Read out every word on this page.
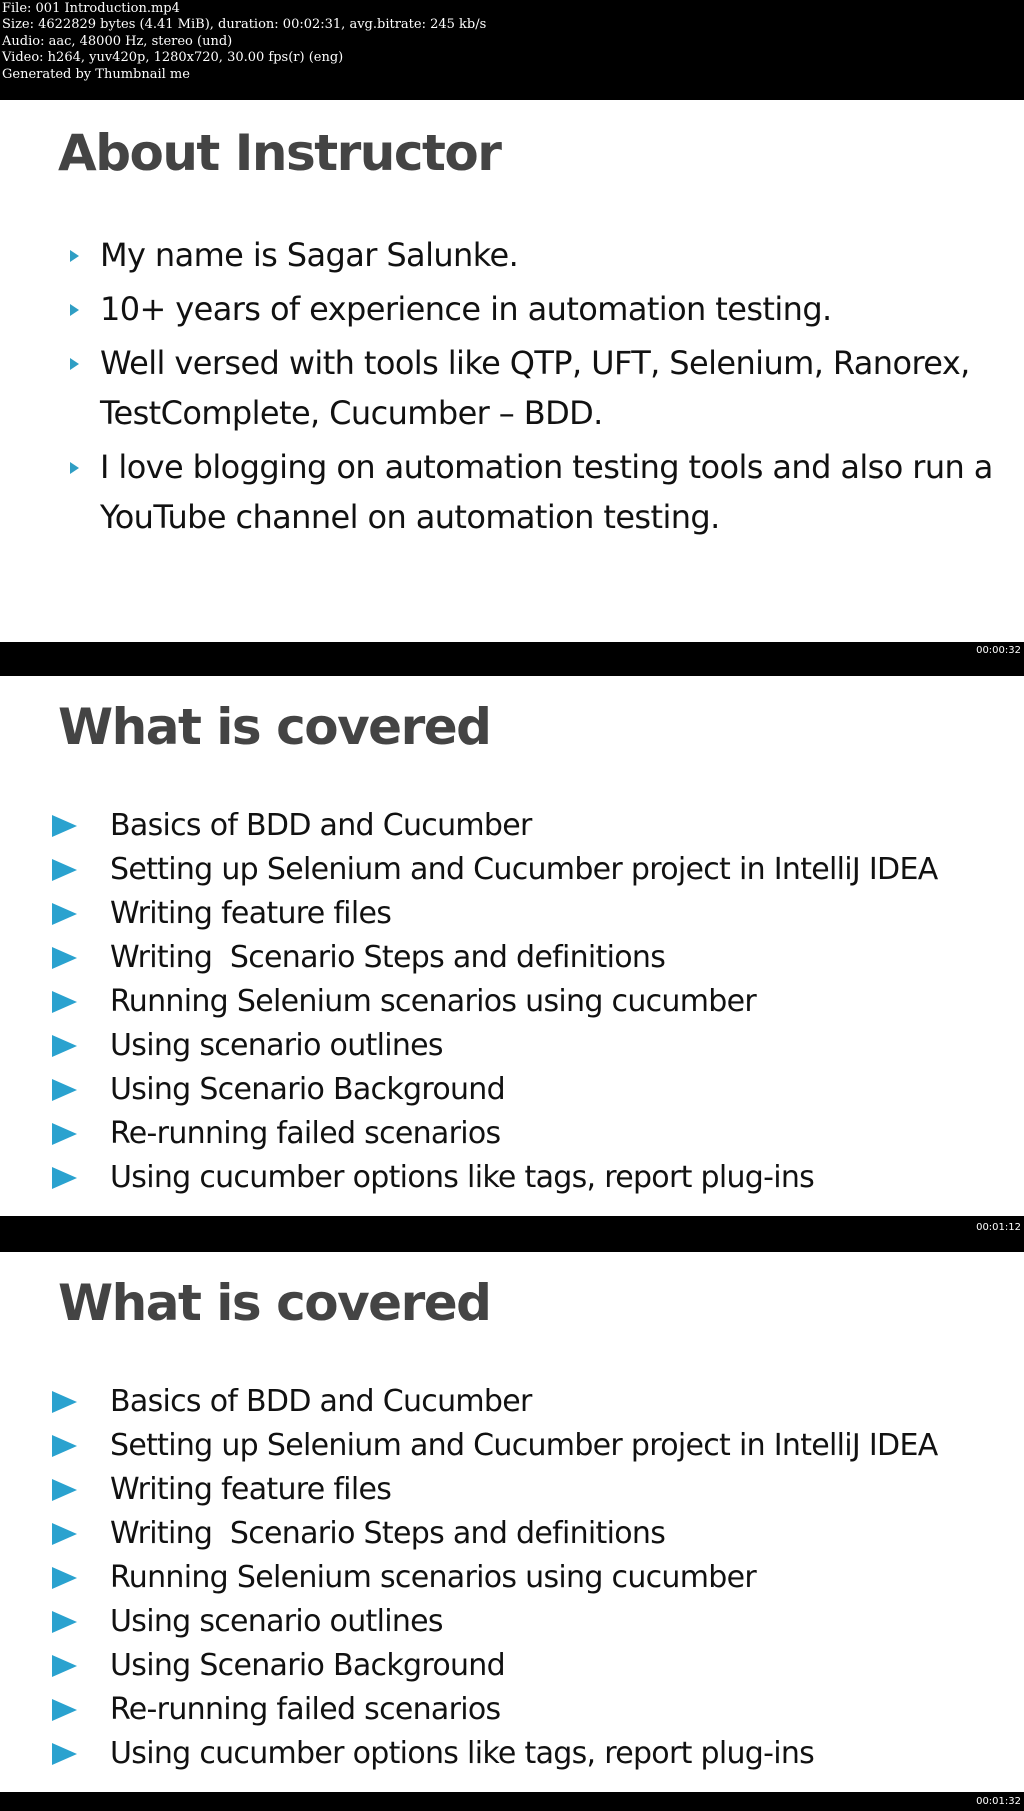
File: 001 Introduction.mp4
Size: 4622829 bytes (4.41 MiB), duration: 00:02:31, avg.bitrate: 245 kb/s
Audio: aac, 48000 Hz, stereo (und)
Video: h264, yuv420p, 1280x720, 30.00 fps(r) (eng)
Generated by Thumbnail me
About Instructor
My name is Sagar Salunke.
10+ years of experience in automation testing.
Well versed with tools like QTP, UFT, Selenium, Ranorex, TestComplete, Cucumber – BDD.
I love blogging on automation testing tools and also run a YouTube channel on automation testing.
00:00:32
What is covered
Basics of BDD and Cucumber
Setting up Selenium and Cucumber project in IntelliJ IDEA
Writing feature files
Writing  Scenario Steps and definitions
Running Selenium scenarios using cucumber
Using scenario outlines
Using Scenario Background
Re-running failed scenarios
Using cucumber options like tags, report plug-ins
00:01:12
What is covered
Basics of BDD and Cucumber
Setting up Selenium and Cucumber project in IntelliJ IDEA
Writing feature files
Writing  Scenario Steps and definitions
Running Selenium scenarios using cucumber
Using scenario outlines
Using Scenario Background
Re-running failed scenarios
Using cucumber options like tags, report plug-ins
00:01:32
